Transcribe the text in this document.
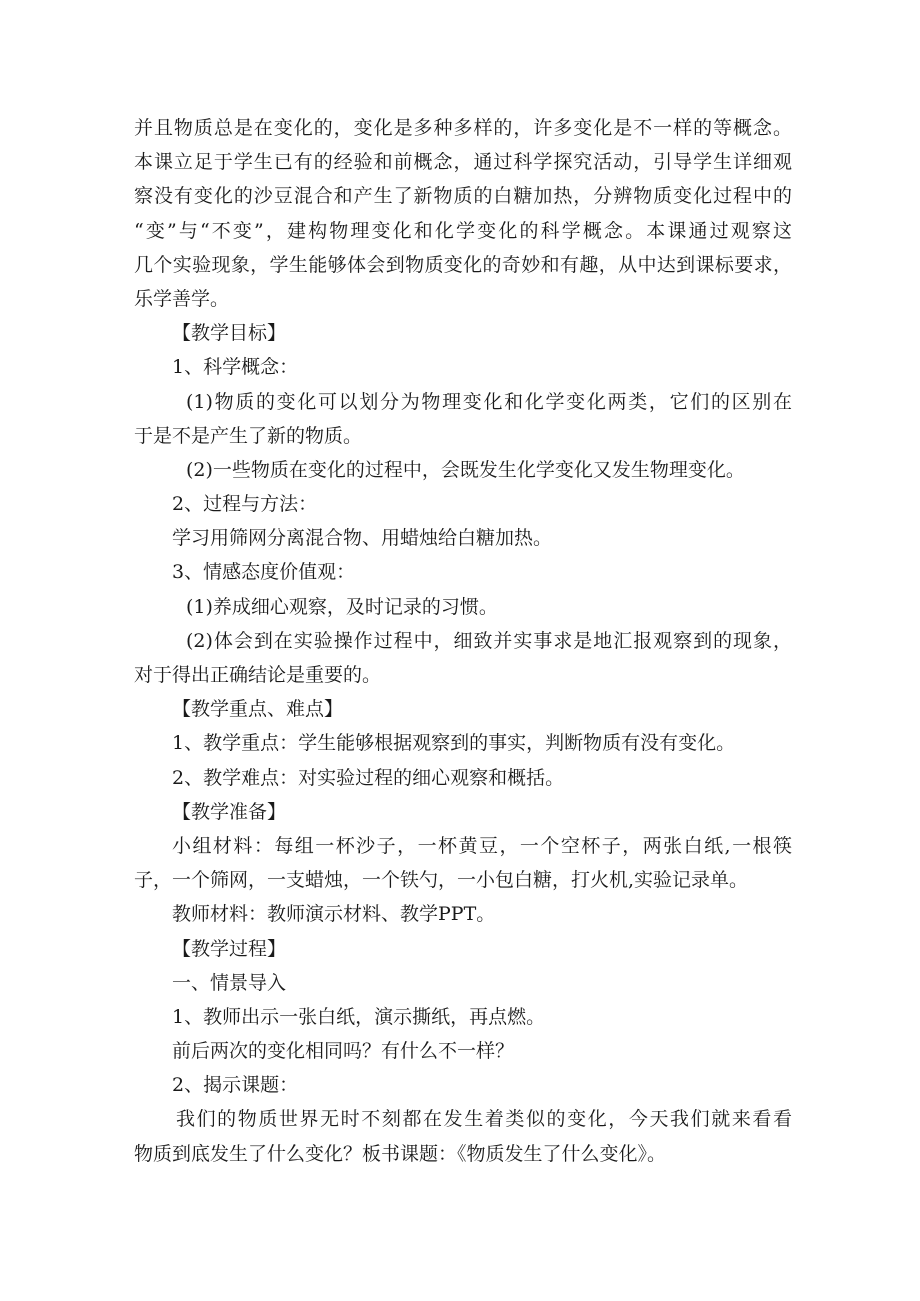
并且物质总是在变化的，变化是多种多样的，许多变化是不一样的等概念。
本课立足于学生已有的经验和前概念，通过科学探究活动，引导学生详细观
察没有变化的沙豆混合和产生了新物质的白糖加热，分辨物质变化过程中的
“变”与“不变”，建构物理变化和化学变化的科学概念。本课通过观察这
几个实验现象，学生能够体会到物质变化的奇妙和有趣，从中达到课标要求，
乐学善学。
【教学目标】
1、科学概念：
(1)物质的变化可以划分为物理变化和化学变化两类，它们的区别在
于是不是产生了新的物质。
(2)一些物质在变化的过程中，会既发生化学变化又发生物理变化。
2、过程与方法：
学习用筛网分离混合物、用蜡烛给白糖加热。
3、情感态度价值观：
(1)养成细心观察，及时记录的习惯。
(2)体会到在实验操作过程中，细致并实事求是地汇报观察到的现象，
对于得出正确结论是重要的。
【教学重点、难点】
1、教学重点：学生能够根据观察到的事实，判断物质有没有变化。
2、教学难点：对实验过程的细心观察和概括。
【教学准备】
小组材料：每组一杯沙子，一杯黄豆，一个空杯子，两张白纸,一根筷
子，一个筛网，一支蜡烛，一个铁勺，一小包白糖，打火机,实验记录单。
教师材料：教师演示材料、教学PPT。
【教学过程】
一、情景导入
1、教师出示一张白纸，演示撕纸，再点燃。
前后两次的变化相同吗？有什么不一样？
2、揭示课题：
我们的物质世界无时不刻都在发生着类似的变化，今天我们就来看看
物质到底发生了什么变化？板书课题：《物质发生了什么变化》。
